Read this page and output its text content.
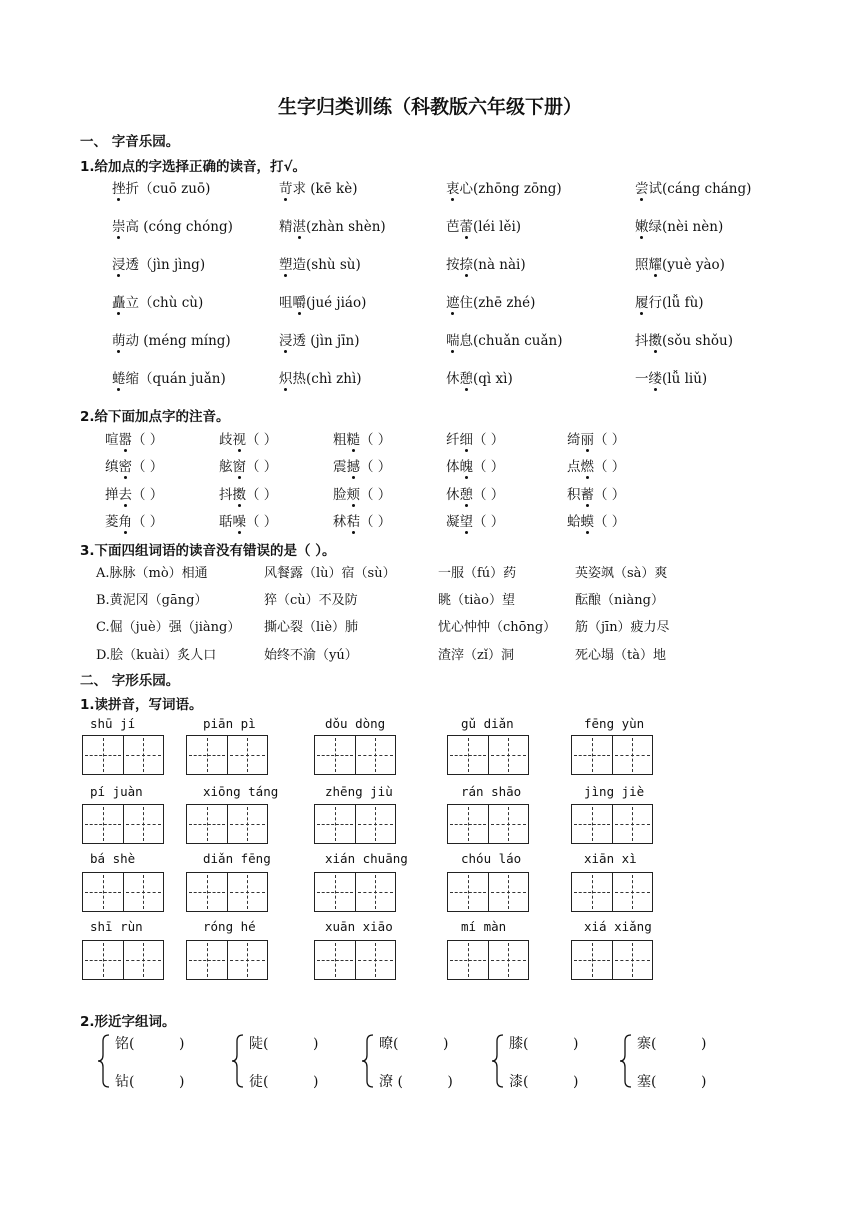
生字归类训练（科教版六年级下册）
一、 字音乐园。
1.给加点的字选择正确的读音，打√。
挫折（cuō zuō)	苛求 (kē kè)	衷心(zhōng zōng)	尝试(cáng cháng)
崇高 (cóng chóng)	精湛(zhàn shèn)	芭蕾(léi lěi)	嫩绿(nèi nèn)
浸透（jìn jìng)	塑造(shù sù)	按捺(nà nài)	照耀(yuè yào)
矗立（chù cù)	咀嚼(jué jiáo)	遮住(zhē zhé)	履行(lǚ fù)
萌动 (méng míng)	浸透 (jìn jīn)	喘息(chuǎn cuǎn)	抖擞(sǒu shǒu)
蜷缩（quán juǎn)	炽热(chì zhì)	休憩(qì xì)	一缕(lǚ liǔ)
2.给下面加点字的注音。
喧嚣（ ）	歧视（ ）	粗糙（ ）	纤细（ ）	绮丽（ ）
缜密（ ）	舷窗（ ）	震撼（ ）	体魄（ ）	点燃（ ）
掸去（ ）	抖擞（ ）	脸颊（ ）	休憩（ ）	积蓄（ ）
菱角（ ）	聒噪（ ）	秫秸（ ）	凝望（ ）	蛤蟆（ ）
3.下面四组词语的读音没有错误的是（ ）。
A.脉脉（mò）相通	风餐露（lù）宿（sù）	一服（fú）药	英姿飒（sà）爽
B.黄泥冈（gāng）	猝（cù）不及防	眺（tiào）望	酝酿（niàng）
C.倔（juè）强（jiàng） 撕心裂（liè）肺	忧心忡忡（chōng） 筋（jīn）疲力尽
D.脍（kuài）炙人口	始终不渝（yú）	渣滓（zǐ）洞	死心塌（tà）地
二、 字形乐园。
1.读拼音，写词语。
shū jí	piān pì	dǒu dòng	gǔ diǎn	fēng yùn
pí juàn	xiōng táng	zhēng jiù	rán shāo	jìng jiè
bá shè	diǎn fēng	xián chuāng	chóu láo	xiān xì
shī rùn	róng hé	xuān xiāo	mí màn	xiá xiǎng
2.形近字组词。
铭(          )
钻(          )
陡(          )
徒(          )
暸(          )
潦 (          )
膝(          )
漆(          )
寨(          )
塞(          )
